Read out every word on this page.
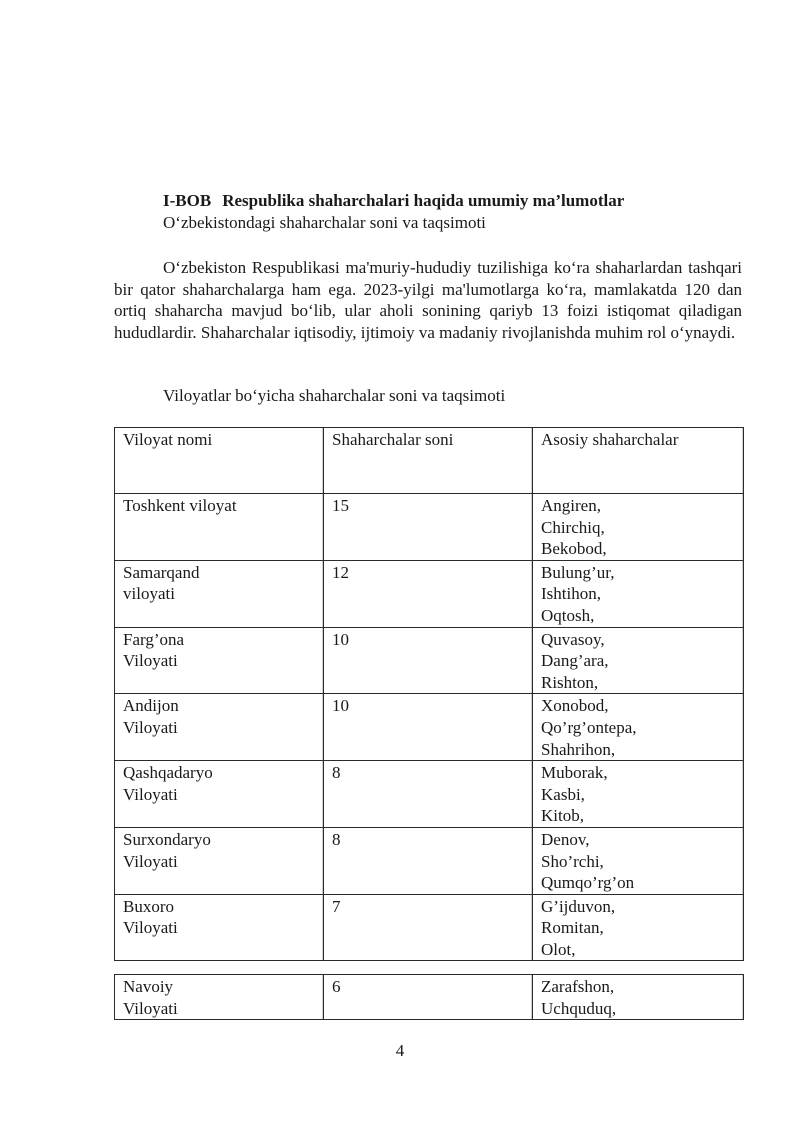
I-BOB Respublika shaharchalari haqida umumiy ma’lumotlar
O‘zbekistondagi shaharchalar soni va taqsimoti

O‘zbekiston Respublikasi ma'muriy-hududiy tuzilishiga ko‘ra shaharlardan tashqari bir qator shaharchalarga ham ega. 2023-yilgi ma'lumotlarga ko‘ra, mamlakatda 120 dan ortiq shaharcha mavjud bo‘lib, ular aholi sonining qariyb 13 foizi istiqomat qiladigan hududlardir. Shaharchalar iqtisodiy, ijtimoiy va madaniy rivojlanishda muhim rol o‘ynaydi.

Viloyatlar bo‘yicha shaharchalar soni va taqsimoti
Viloyat nomi	Shaharchalar soni	Asosiy shaharchalar

Toshkent viloyat	15	Angiren,
Chirchiq,
Bekobod,

Samarqand
viloyati	12	Bulung’ur,
Ishtihon,
Oqtosh,

Farg’ona
Viloyati	10	Quvasoy,
Dang’ara,
Rishton,

Andijon
Viloyati	10	Xonobod,
Qo’rg’ontepa,
Shahrihon,

Qashqadaryo
Viloyati	8	Muborak,
Kasbi,
Kitob,

Surxondaryo
Viloyati	8	Denov,
Sho’rchi,
Qumqo’rg’on

Buxoro
Viloyati	7	G’ijduvon,
Romitan,
Olot,
Navoiy
Viloyati
	6	Zarafshon,
Uchquduq,
4
